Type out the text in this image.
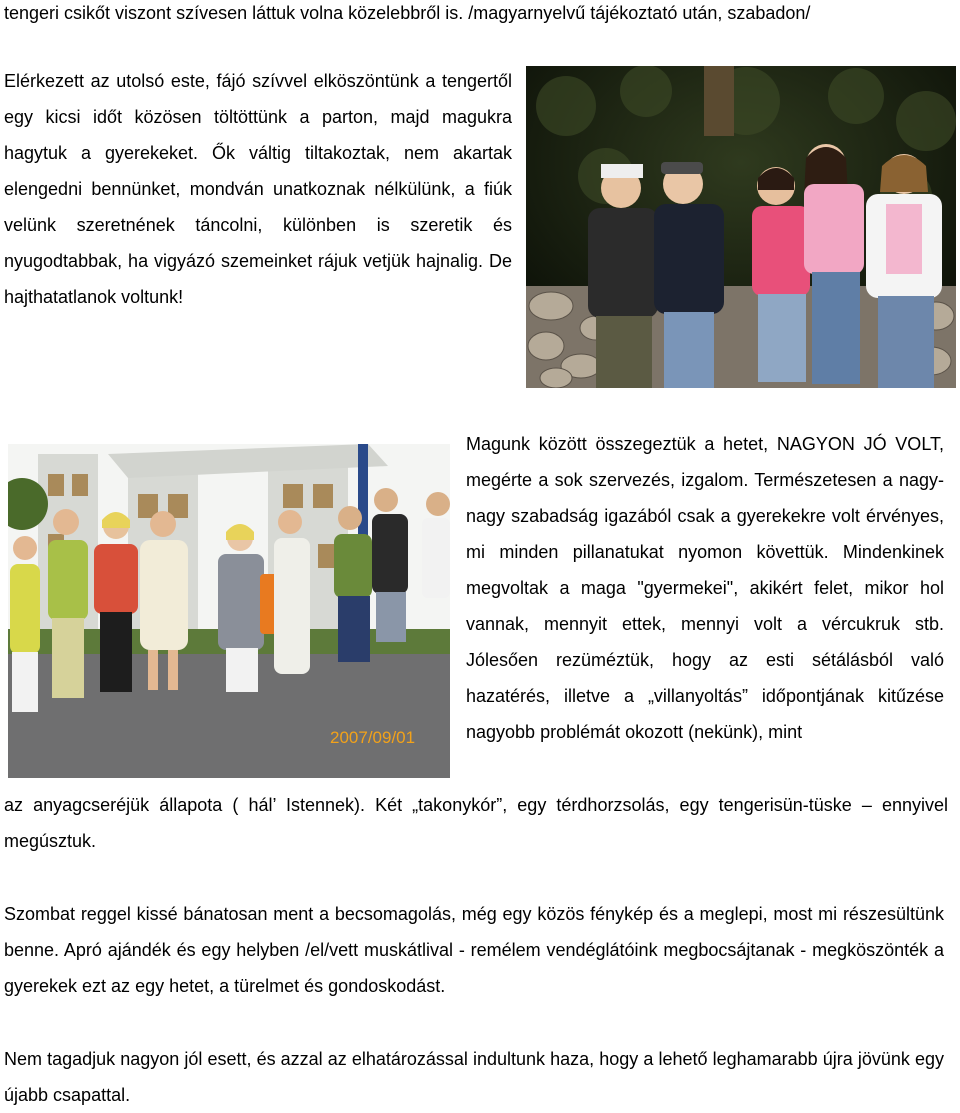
tengeri csikőt viszont szívesen láttuk volna közelebbről is. /magyarnyelvű tájékoztató után, szabadon/

Elérkezett az utolsó este, fájó szívvel elköszöntünk a tengertől egy kicsi időt közösen töltöttünk a parton, majd magukra hagytuk a gyerekeket. Ők váltig tiltakoztak, nem akartak elengedni bennünket, mondván unatkoznak nélkülünk, a fiúk velünk szeretnének táncolni, különben is szeretik és nyugodtabbak, ha vigyázó szemeinket rájuk vetjük hajnalig. De hajthatatlanok voltunk!

2007/09/01

Magunk között összegeztük a hetet, NAGYON JÓ VOLT, megérte a sok szervezés, izgalom. Természetesen a nagy-nagy szabadság igazából csak a gyerekekre volt érvényes, mi minden pillanatukat nyomon követtük. Mindenkinek megvoltak a maga "gyermekei", akikért felet, mikor hol vannak, mennyit ettek, mennyi volt a vércukruk stb. Jólesően rezüméztük, hogy az esti sétálásból való hazatérés, illetve a „villanyoltás” időpontjának kitűzése nagyobb problémát okozott (nekünk), mint

az anyagcseréjük állapota ( hál’ Istennek). Két „takonykór”, egy térdhorzsolás, egy tengerisün-tüske – ennyivel megúsztuk.

Szombat reggel kissé bánatosan ment a becsomagolás, még egy közös fénykép és a meglepi, most mi részesültünk benne. Apró ajándék és egy helyben /el/vett muskátlival - remélem vendéglátóink megbocsájtanak - megköszönték a gyerekek ezt az egy hetet, a türelmet és gondoskodást.

Nem tagadjuk nagyon jól esett, és azzal az elhatározással indultunk haza, hogy a lehető leghamarabb újra jövünk egy újabb csapattal.
